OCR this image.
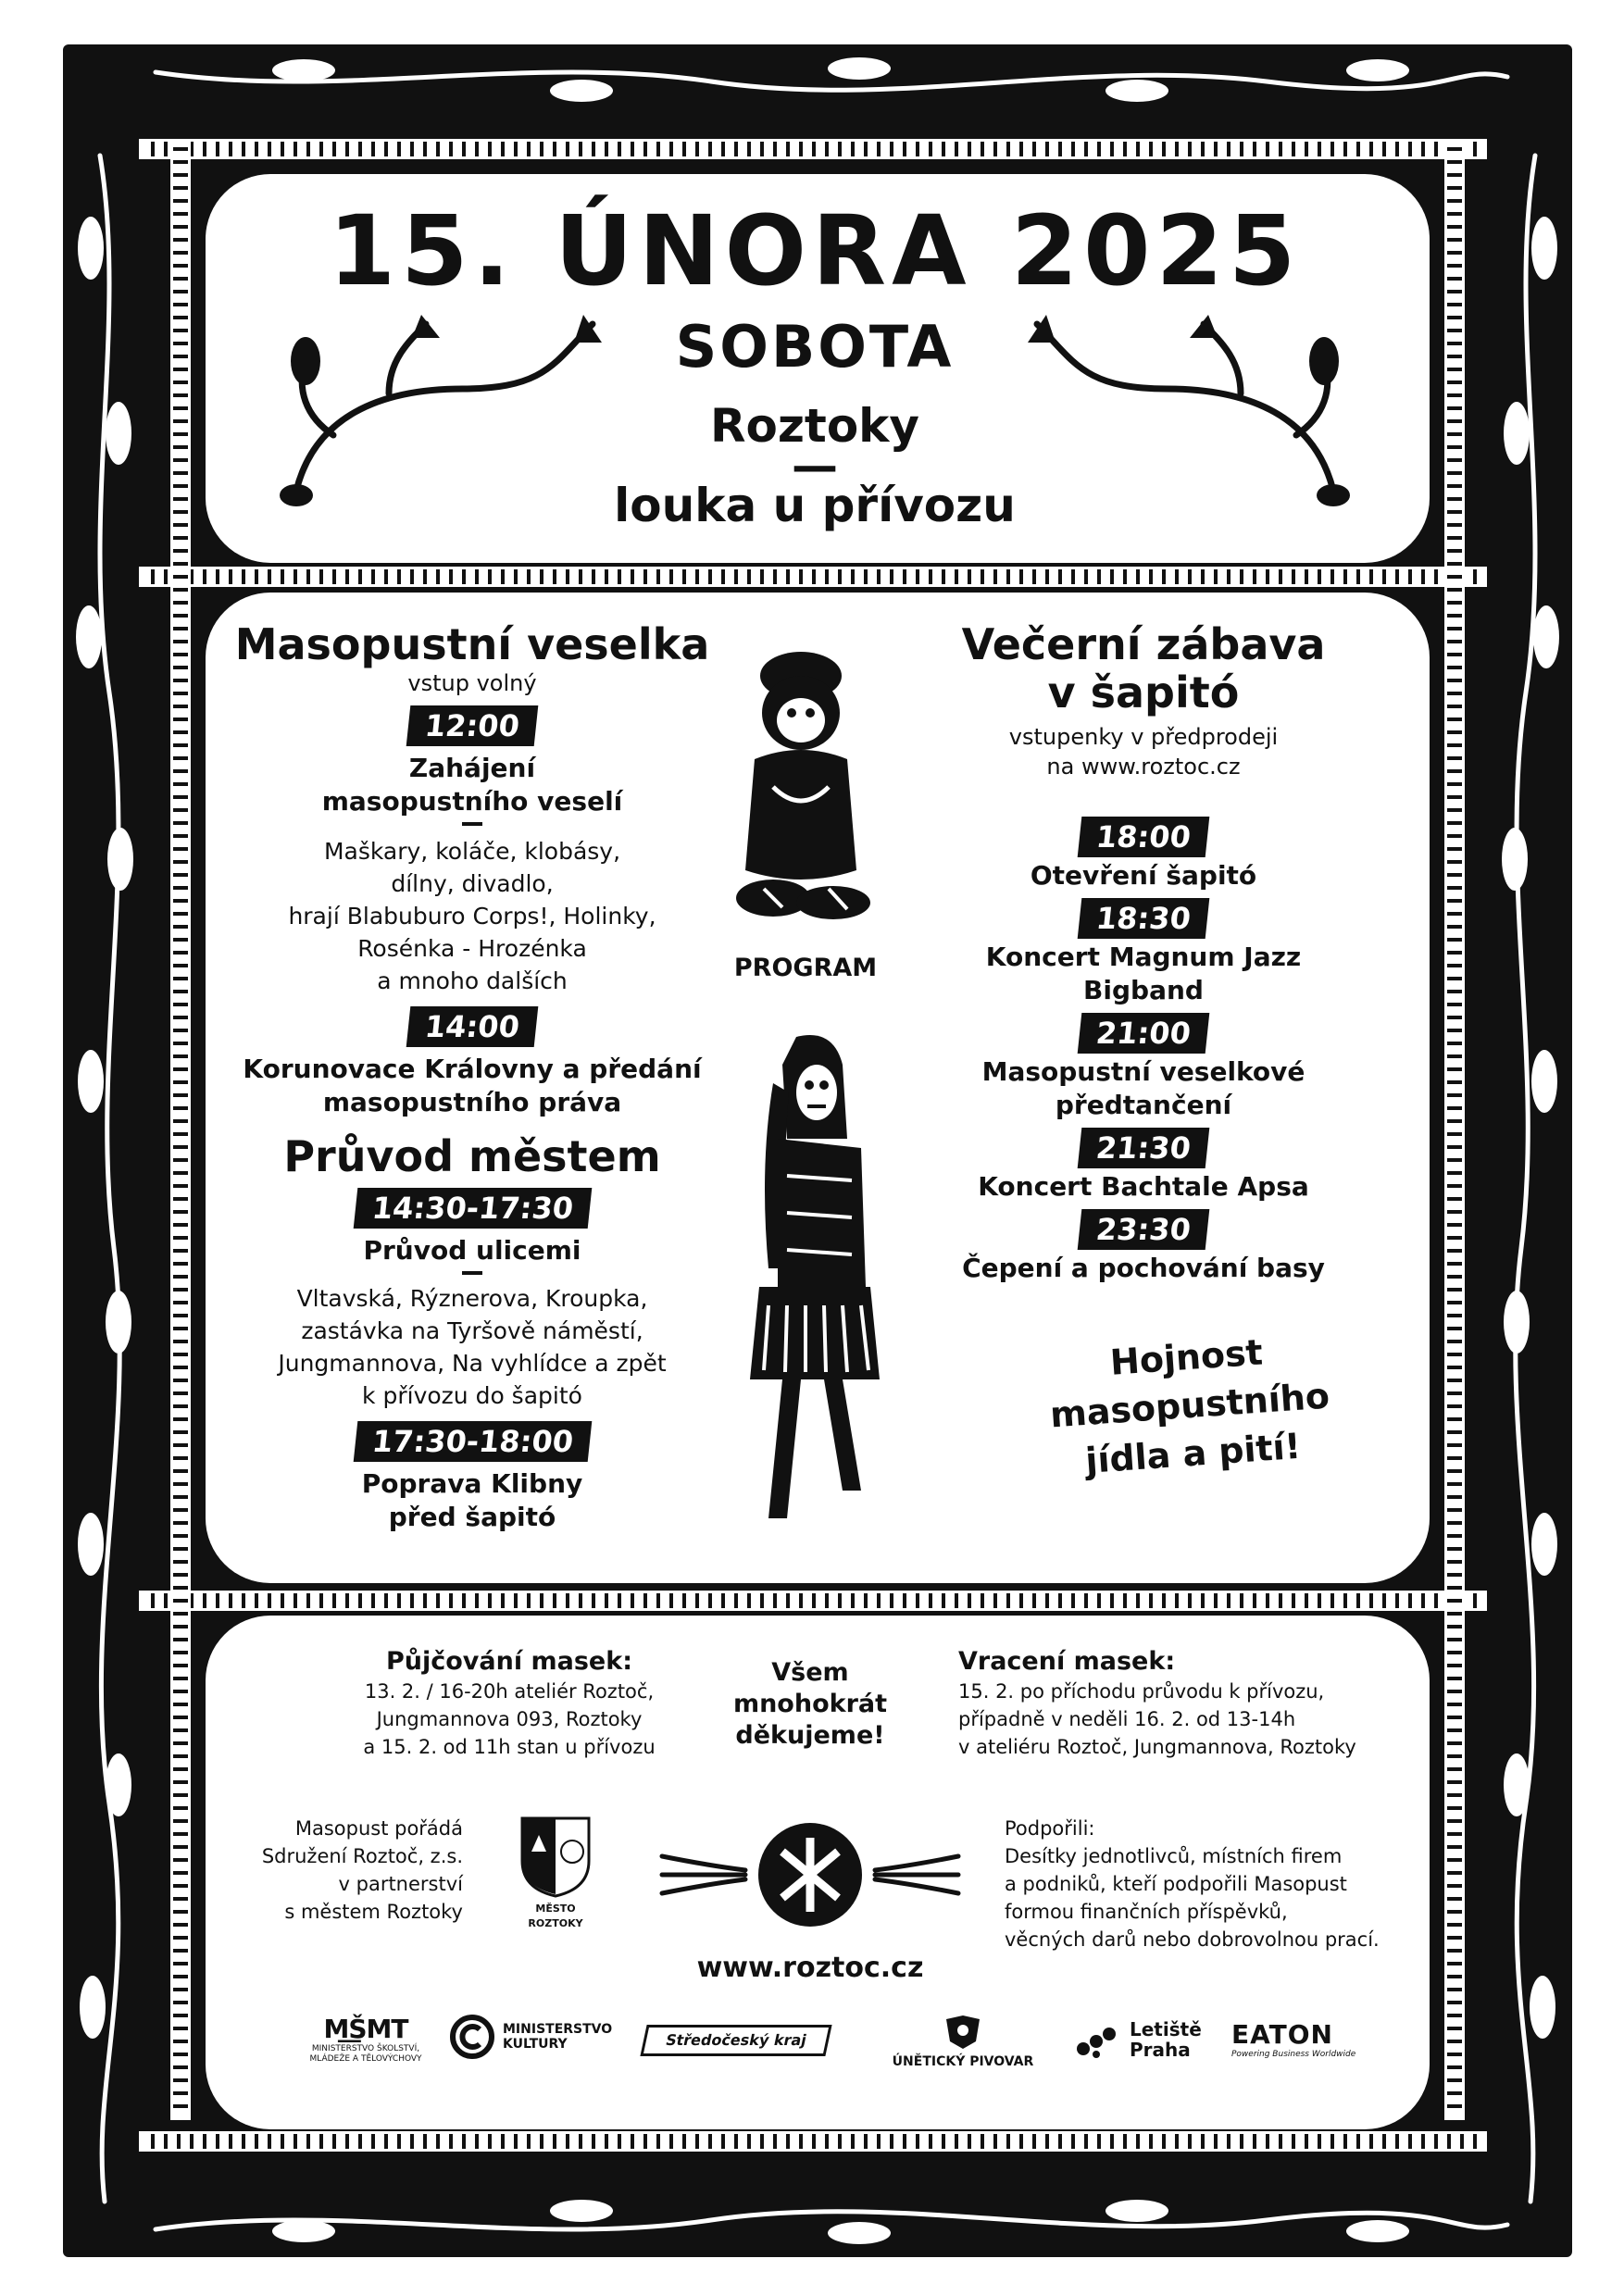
15. ÚNORA 2025
SOBOTA
Roztoky
—
louka u přívozu
Masopustní veselka
vstup volný
12:00
Zahájení masopustního veselí
Maškary, koláče, klobásy,
dílny, divadlo,
hrají Blabuburo Corps!, Holinky,
Rosénka - Hrozénka
a mnoho dalších
14:00
Korunovace Královny a předání masopustního práva
Průvod městem
14:30-17:30
Průvod ulicemi
Vltavská, Rýznerova, Kroupka,
zastávka na Tyršově náměstí,
Jungmannova, Na vyhlídce a zpět
k přívozu do šapitó
17:30-18:00
Poprava Klibny před šapitó
PROGRAM
Večerní zábava v šapitó
vstupenky v předprodeji
na www.roztoc.cz
18:00
Otevření šapitó
18:30
Koncert Magnum Jazz Bigband
21:00
Masopustní veselkové předtančení
21:30
Koncert Bachtale Apsa
23:30
Čepení a pochování basy
Hojnost masopustního jídla a pití!
Půjčování masek:
13. 2. / 16-20h ateliér Roztoč,
Jungmannova 093, Roztoky
a 15. 2. od 11h stan u přívozu
Všem mnohokrát děkujeme!
Vracení masek:
15. 2. po příchodu průvodu k přívozu,
případně v neděli 16. 2. od 13-14h
v ateliéru Roztoč, Jungmannova, Roztoky
Masopust pořádá
Sdružení Roztoč, z.s.
v partnerství
s městem Roztoky	MĚSTO ROZTOKY
www.roztoc.cz
Podpořili:
Desítky jednotlivců, místních firem
a podniků, kteří podpořili Masopust
formou finančních příspěvků,
věcných darů nebo dobrovolnou prací.
M͟ŠMT
MINISTERSTVO ŠKOLSTVÍ, MLÁDEŽE A TĚLOVÝCHOVY
MINISTERSTVO KULTURY	Středočeský kraj
ÚNĚTICKÝ PIVOVAR
Letiště
Praha	EATON
Powering Business Worldwide
